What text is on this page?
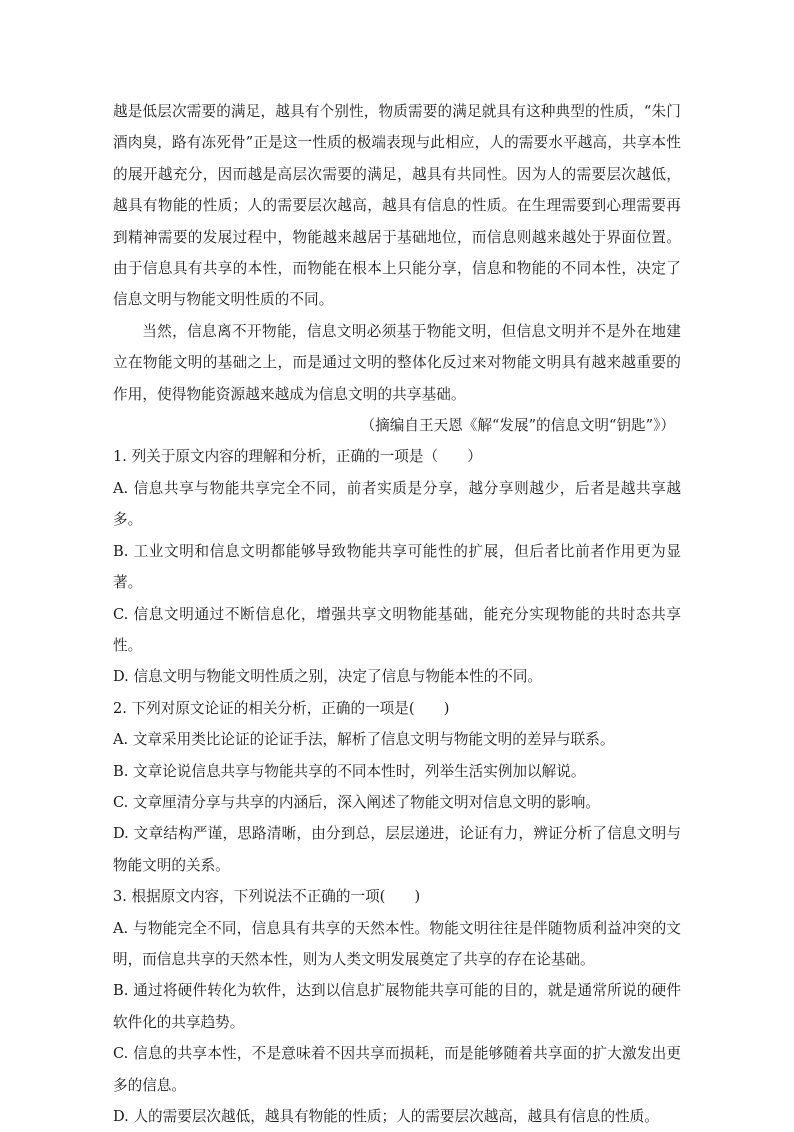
越是低层次需要的满足，越具有个别性，物质需要的满足就具有这种典型的性质，“朱门酒肉臭，路有冻死骨”正是这一性质的极端表现与此相应，人的需要水平越高，共享本性的展开越充分，因而越是高层次需要的满足，越具有共同性。因为人的需要层次越低，越具有物能的性质；人的需要层次越高，越具有信息的性质。在生理需要到心理需要再到精神需要的发展过程中，物能越来越居于基础地位，而信息则越来越处于界面位置。由于信息具有共享的本性，而物能在根本上只能分享，信息和物能的不同本性，决定了信息文明与物能文明性质的不同。

当然，信息离不开物能，信息文明必须基于物能文明，但信息文明并不是外在地建立在物能文明的基础之上，而是通过文明的整体化反过来对物能文明具有越来越重要的作用，使得物能资源越来越成为信息文明的共享基础。

（摘编自王天恩《解“发展”的信息文明“钥匙”》）

1. 列关于原文内容的理解和分析，正确的一项是（　　）

A. 信息共享与物能共享完全不同，前者实质是分享，越分享则越少，后者是越共享越多。

B. 工业文明和信息文明都能够导致物能共享可能性的扩展，但后者比前者作用更为显著。

C. 信息文明通过不断信息化，增强共享文明物能基础，能充分实现物能的共时态共享性。

D. 信息文明与物能文明性质之别，决定了信息与物能本性的不同。

2. 下列对原文论证的相关分析，正确的一项是(　　)

A. 文章采用类比论证的论证手法，解析了信息文明与物能文明的差异与联系。

B. 文章论说信息共享与物能共享的不同本性时，列举生活实例加以解说。

C. 文章厘清分享与共享的内涵后，深入阐述了物能文明对信息文明的影响。

D. 文章结构严谨，思路清晰，由分到总，层层递进，论证有力，辨证分析了信息文明与物能文明的关系。

3. 根据原文内容，下列说法不正确的一项(　　)

A. 与物能完全不同，信息具有共享的天然本性。物能文明往往是伴随物质利益冲突的文明，而信息共享的天然本性，则为人类文明发展奠定了共享的存在论基础。

B. 通过将硬件转化为软件，达到以信息扩展物能共享可能的目的，就是通常所说的硬件软件化的共享趋势。

C. 信息的共享本性，不是意味着不因共享而损耗，而是能够随着共享面的扩大激发出更多的信息。

D. 人的需要层次越低，越具有物能的性质；人的需要层次越高，越具有信息的性质。
